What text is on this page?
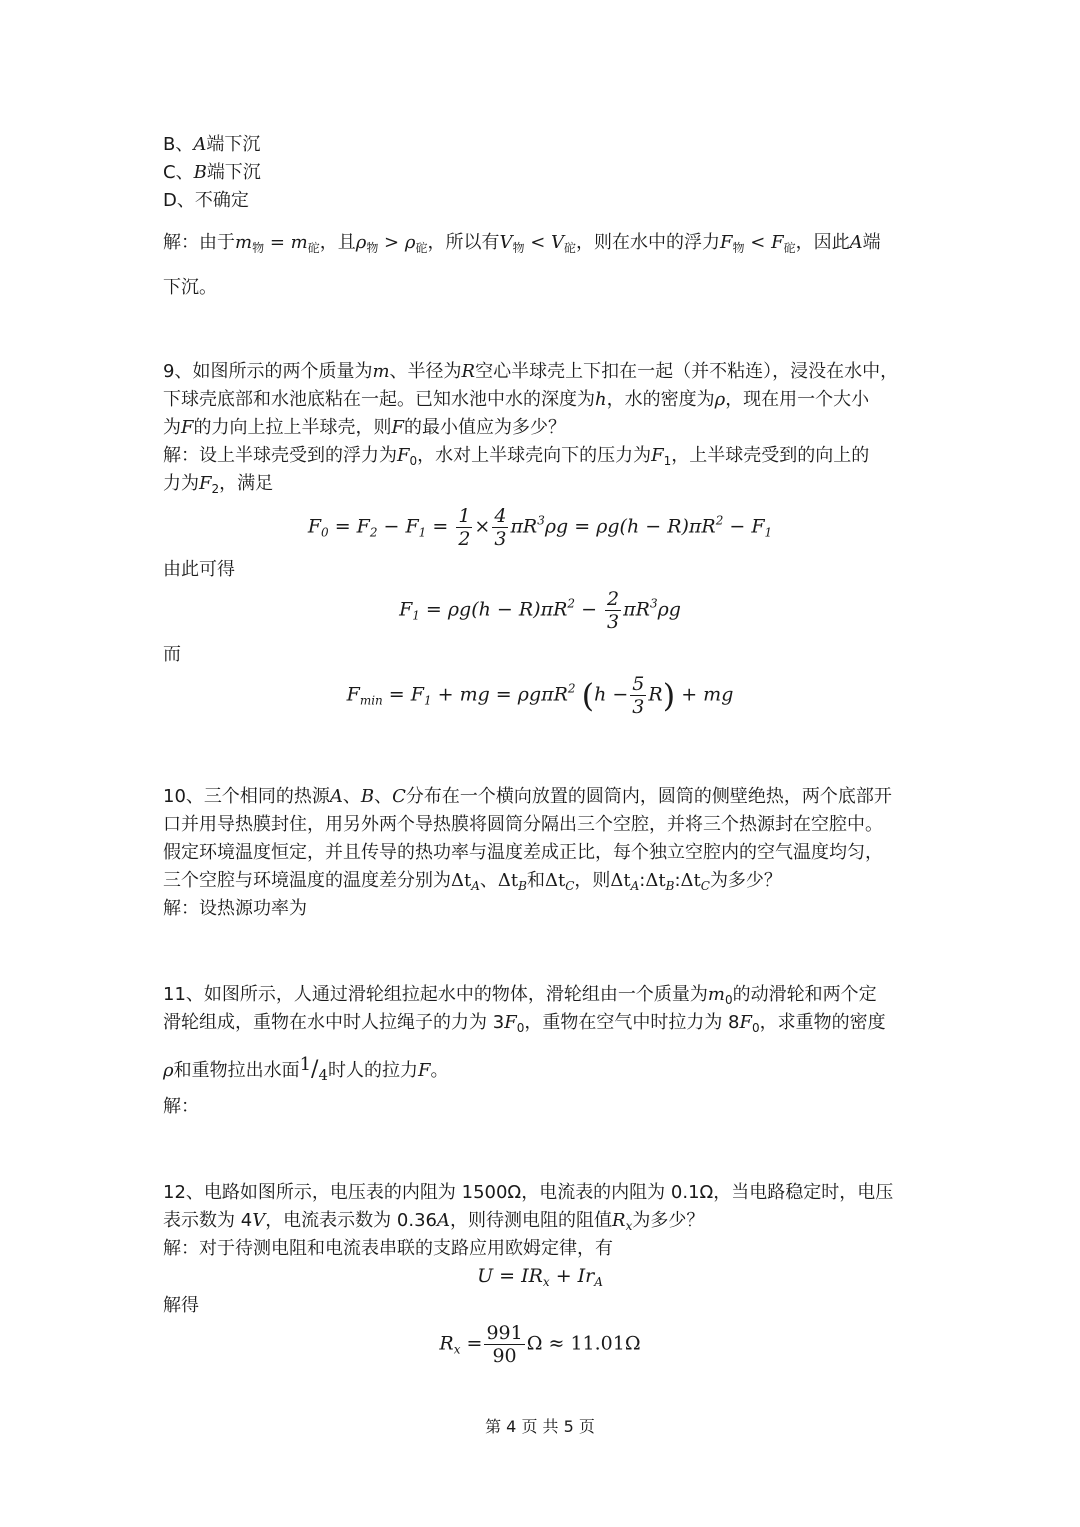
B、A端下沉
C、B端下沉
D、不确定
解：由于$m_物 = m_砣$，且$\rho_物 > \rho_砣$，所以有$V_物 < V_砣$，则在水中的浮力$F_物 < F_砣$，因此A端
下沉。
9、如图所示的两个质量为m、半径为R空心半球壳上下扣在一起（并不粘连），浸没在水中，
下球壳底部和水池底粘在一起。已知水池中水的深度为h，水的密度为ρ，现在用一个大小
为F的力向上拉上半球壳，则F的最小值应为多少？
解：设上半球壳受到的浮力为$F_0$，水对上半球壳向下的压力为$F_1$，上半球壳受到的向上的
力为$F_2$，满足
$F_0 = F_2 - F_1 = \frac{1}{2} \times \frac{4}{3} \pi R^3\rho g = \rho g(h - R)\pi R^2 - F_1$
由此可得
$F_1 = \rho g(h - R)\pi R^2 - \frac{2}{3} \pi R^3\rho g$
而
$F_{min} = F_1$ + mg = ρgπR$^2$ $(h - \frac{5}{3} R)$ + mg
10、三个相同的热源A、B、C分布在一个横向放置的圆筒内，圆筒的侧壁绝热，两个底部开
口并用导热膜封住，用另外两个导热膜将圆筒分隔出三个空腔，并将三个热源封在空腔中。
假定环境温度恒定，并且传导的热功率与温度差成正比，每个独立空腔内的空气温度均匀，
三个空腔与环境温度的温度差分别为$\Delta t_A$、$\Delta t_B$和$\Delta t_C$，则$\Delta t_A:\Delta t_B:\Delta t_C$为多少？
解：设热源功率为
11、如图所示，人通过滑轮组拉起水中的物体，滑轮组由一个质量为$m_0$的动滑轮和两个定
滑轮组成，重物在水中时人拉绳子的力为 $3F_0$，重物在空气中时拉力为 $8F_0$，求重物的密度
ρ和重物拉出水面$1/_4$时人的拉力F。
解：
12、电路如图所示，电压表的内阻为 1500Ω，电流表的内阻为 0.1Ω，当电路稳定时，电压
表示数为 4V，电流表示数为 0.36A，则待测电阻的阻值$R_x$为多少？
解：对于待测电阻和电流表串联的支路应用欧姆定律，有
$U = IR_x + Ir_A$
解得
$R_x = \frac{991}{90}$ Ω ≈ 11.01Ω
第 4 页 共 5 页
